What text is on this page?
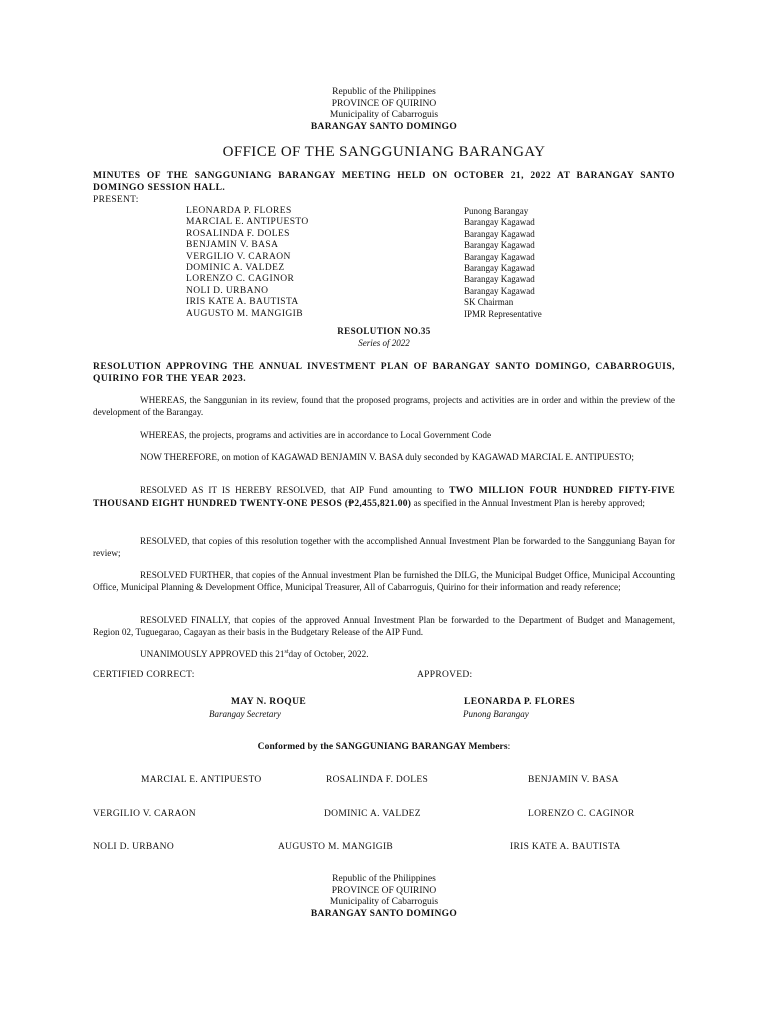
Republic of the Philippines
PROVINCE OF QUIRINO
Municipality of Cabarroguis
BARANGAY SANTO DOMINGO
OFFICE OF THE SANGGUNIANG BARANGAY
MINUTES OF THE SANGGUNIANG BARANGAY MEETING HELD ON OCTOBER 21, 2022 AT BARANGAY SANTO DOMINGO SESSION HALL.
PRESENT:
LEONARDA P. FLORES	Punong Barangay
MARCIAL E. ANTIPUESTO	Barangay Kagawad
ROSALINDA F. DOLES	Barangay Kagawad
BENJAMIN V. BASA	Barangay Kagawad
VERGILIO V. CARAON	Barangay Kagawad
DOMINIC A. VALDEZ	Barangay Kagawad
LORENZO C. CAGINOR	Barangay Kagawad
NOLI D. URBANO	Barangay Kagawad
IRIS KATE A. BAUTISTA	SK Chairman
AUGUSTO M. MANGIGIB	IPMR Representative
RESOLUTION NO.35
Series of 2022
RESOLUTION APPROVING THE ANNUAL INVESTMENT PLAN OF BARANGAY SANTO DOMINGO, CABARROGUIS, QUIRINO FOR THE YEAR 2023.
WHEREAS, the Sanggunian in its review, found that the proposed programs, projects and activities are in order and within the preview of the development of the Barangay.
WHEREAS, the projects, programs and activities are in accordance to Local Government Code
NOW THEREFORE, on motion of KAGAWAD BENJAMIN V. BASA duly seconded by KAGAWAD MARCIAL E. ANTIPUESTO;
RESOLVED AS IT IS HEREBY RESOLVED, that AIP Fund amounting to TWO MILLION FOUR HUNDRED FIFTY-FIVE THOUSAND EIGHT HUNDRED TWENTY-ONE PESOS (₱2,455,821.00) as specified in the Annual Investment Plan is hereby approved;
RESOLVED, that copies of this resolution together with the accomplished Annual Investment Plan be forwarded to the Sangguniang Bayan for review;
RESOLVED FURTHER, that copies of the Annual investment Plan be furnished the DILG, the Municipal Budget Office, Municipal Accounting Office, Municipal Planning & Development Office, Municipal Treasurer, All of Cabarroguis, Quirino for their information and ready reference;
RESOLVED FINALLY, that copies of the approved Annual Investment Plan be forwarded to the Department of Budget and Management, Region 02, Tuguegarao, Cagayan as their basis in the Budgetary Release of the AIP Fund.
UNANIMOUSLY APPROVED this 21stday of October, 2022.
CERTIFIED CORRECT:	APPROVED:
MAY N. ROQUE
Barangay Secretary
LEONARDA P. FLORES
Punong Barangay
Conformed by the SANGGUNIANG BARANGAY Members:
MARCIAL E. ANTIPUESTO	ROSALINDA F. DOLES	BENJAMIN V. BASA
VERGILIO V. CARAON	DOMINIC A. VALDEZ	LORENZO C. CAGINOR
NOLI D. URBANO	AUGUSTO M. MANGIGIB	IRIS KATE A. BAUTISTA
Republic of the Philippines
PROVINCE OF QUIRINO
Municipality of Cabarroguis
BARANGAY SANTO DOMINGO
